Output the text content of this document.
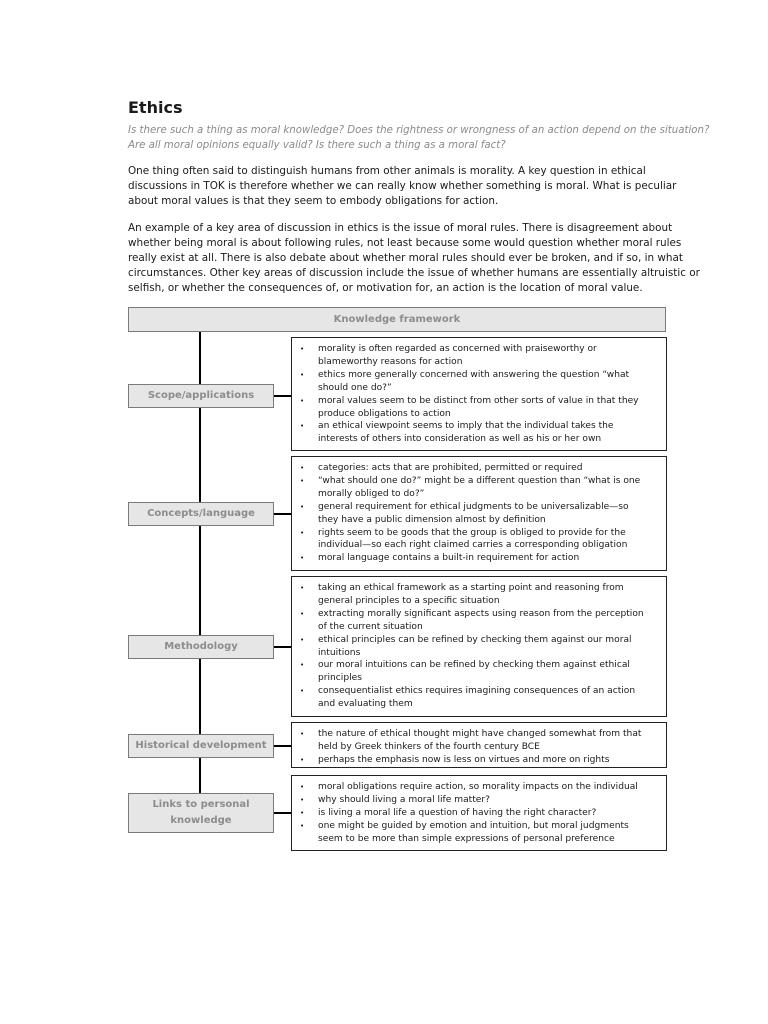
Ethics

Is there such a thing as moral knowledge? Does the rightness or wrongness of an action depend on the situation?

Are all moral opinions equally valid? Is there such a thing as a moral fact?

One thing often said to distinguish humans from other animals is morality. A key question in ethical

discussions in TOK is therefore whether we can really know whether something is moral. What is peculiar

about moral values is that they seem to embody obligations for action.

An example of a key area of discussion in ethics is the issue of moral rules. There is disagreement about

whether being moral is about following rules, not least because some would question whether moral rules

really exist at all. There is also debate about whether moral rules should ever be broken, and if so, in what

circumstances. Other key areas of discussion include the issue of whether humans are essentially altruistic or

selfish, or whether the consequences of, or motivation for, an action is the location of moral value.

Knowledge framework
Scope/applications
• morality is often regarded as concerned with praiseworthy or
blameworthy reasons for action
• ethics more generally concerned with answering the question “what
should one do?”
• moral values seem to be distinct from other sorts of value in that they
produce obligations to action
• an ethical viewpoint seems to imply that the individual takes the
interests of others into consideration as well as his or her own
Concepts/language
• categories: acts that are prohibited, permitted or required
• “what should one do?” might be a different question than “what is one
morally obliged to do?”
• general requirement for ethical judgments to be universalizable—so
they have a public dimension almost by definition
• rights seem to be goods that the group is obliged to provide for the
individual—so each right claimed carries a corresponding obligation
• moral language contains a built-in requirement for action
Methodology
• taking an ethical framework as a starting point and reasoning from
general principles to a specific situation
• extracting morally significant aspects using reason from the perception
of the current situation
• ethical principles can be refined by checking them against our moral
intuitions
• our moral intuitions can be refined by checking them against ethical
principles
• consequentialist ethics requires imagining consequences of an action
and evaluating them
Historical development
• the nature of ethical thought might have changed somewhat from that
held by Greek thinkers of the fourth century BCE
• perhaps the emphasis now is less on virtues and more on rights
Links to personal knowledge
• moral obligations require action, so morality impacts on the individual
• why should living a moral life matter?
• is living a moral life a question of having the right character?
• one might be guided by emotion and intuition, but moral judgments
seem to be more than simple expressions of personal preference
